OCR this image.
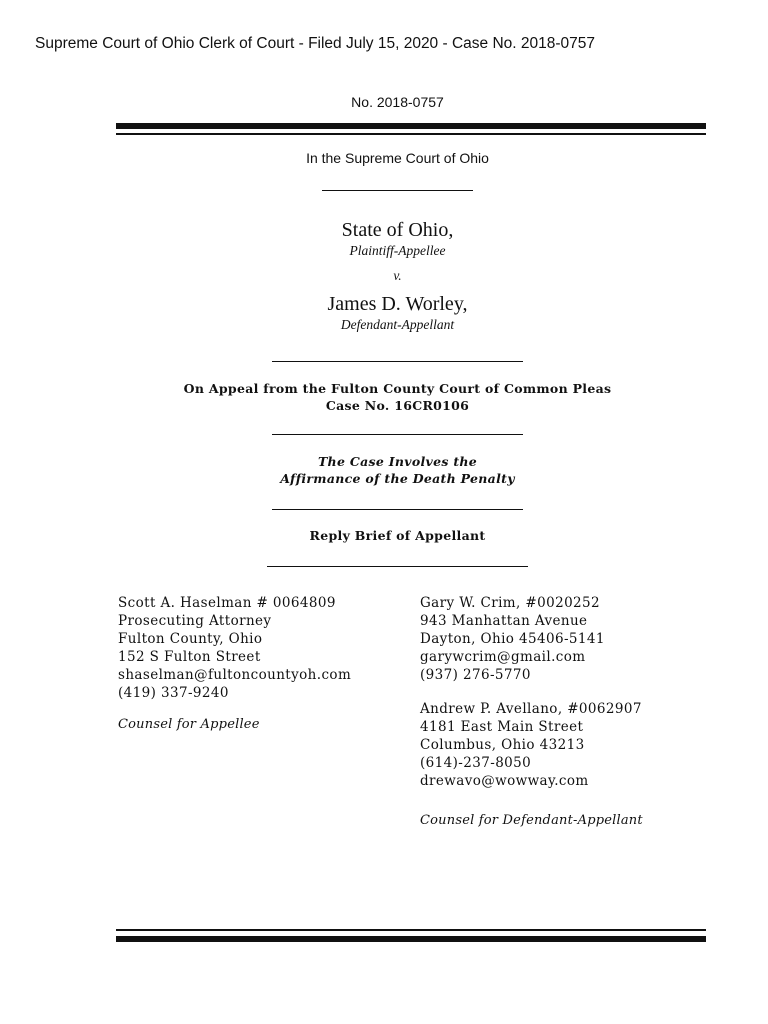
Supreme Court of Ohio Clerk of Court - Filed July 15, 2020 - Case No. 2018-0757
No. 2018-0757
In the Supreme Court of Ohio
State of Ohio,
Plaintiff-Appellee
v.
James D. Worley,
Defendant-Appellant
On Appeal from the Fulton County Court of Common Pleas
Case No. 16CR0106
The Case Involves the
Affirmance of the Death Penalty
Reply Brief of Appellant
Scott A. Haselman # 0064809
Prosecuting Attorney
Fulton County, Ohio
152 S Fulton Street
shaselman@fultoncountyoh.com
(419) 337-9240
Counsel for Appellee
Gary W. Crim, #0020252
943 Manhattan Avenue
Dayton, Ohio 45406-5141
garywcrim@gmail.com
(937) 276-5770
Andrew P. Avellano, #0062907
4181 East Main Street
Columbus, Ohio 43213
(614)-237-8050
drewavo@wowway.com
Counsel for Defendant-Appellant
